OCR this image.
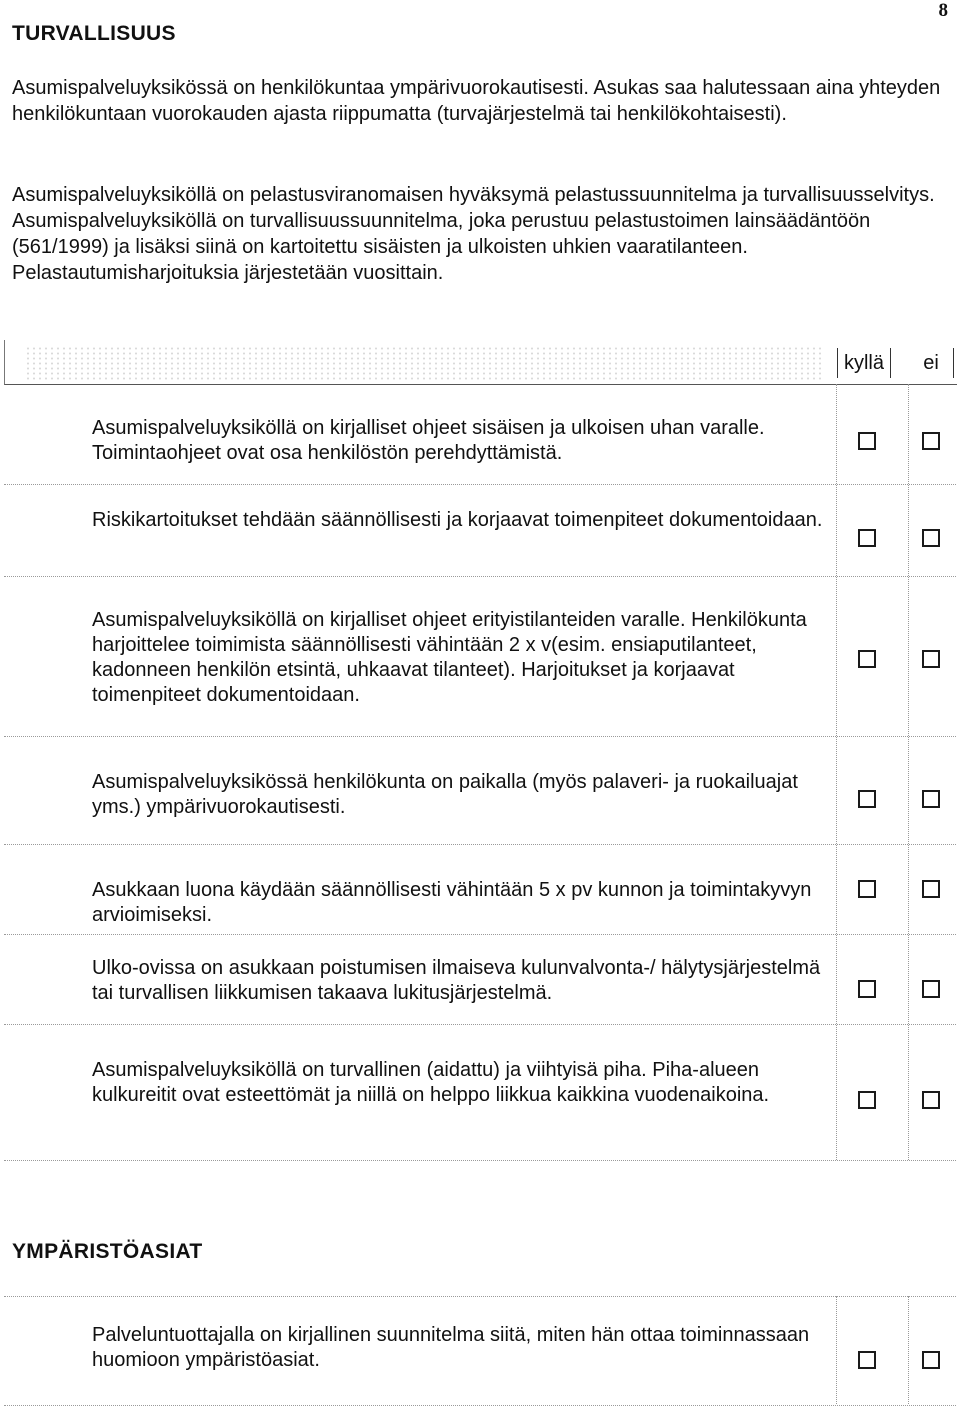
8
TURVALLISUUS

Asumispalveluyksikössä on henkilökuntaa ympärivuorokautisesti. Asukas saa halutessaan aina yhteyden henkilökuntaan vuorokauden ajasta riippumatta (turvajärjestelmä tai henkilökohtaisesti).

Asumispalveluyksiköllä on pelastusviranomaisen hyväksymä pelastussuunnitelma ja turvallisuusselvitys. Asumispalveluyksiköllä on turvallisuussuunnitelma, joka perustuu pelastustoimen lainsäädäntöön (561/1999) ja lisäksi siinä on kartoitettu sisäisten ja ulkoisten uhkien vaaratilanteen. Pelastautumisharjoituksia järjestetään vuosittain.

kyllä	ei

Asumispalveluyksiköllä on kirjalliset ohjeet sisäisen ja ulkoisen uhan varalle. Toimintaohjeet ovat osa henkilöstön perehdyttämistä.

Riskikartoitukset tehdään säännöllisesti ja korjaavat toimenpiteet dokumentoidaan.

Asumispalveluyksiköllä on kirjalliset ohjeet erityistilanteiden varalle. Henkilökunta harjoittelee toimimista säännöllisesti vähintään 2 x v(esim. ensiaputilanteet, kadonneen henkilön etsintä, uhkaavat tilanteet). Harjoitukset ja korjaavat toimenpiteet dokumentoidaan.

Asumispalveluyksikössä henkilökunta on paikalla (myös palaveri- ja ruokailuajat yms.) ympärivuorokautisesti.

Asukkaan luona käydään säännöllisesti vähintään 5 x pv kunnon ja toimintakyvyn arvioimiseksi.

Ulko-ovissa on asukkaan poistumisen ilmaiseva kulunvalvonta-/ hälytysjärjestelmä tai turvallisen liikkumisen takaava lukitusjärjestelmä.

Asumispalveluyksiköllä on turvallinen (aidattu) ja viihtyisä piha. Piha-alueen kulkureitit ovat esteettömät ja niillä on helppo liikkua kaikkina vuodenaikoina.

YMPÄRISTÖASIAT

Palveluntuottajalla on kirjallinen suunnitelma siitä, miten hän ottaa toiminnassaan huomioon ympäristöasiat.
